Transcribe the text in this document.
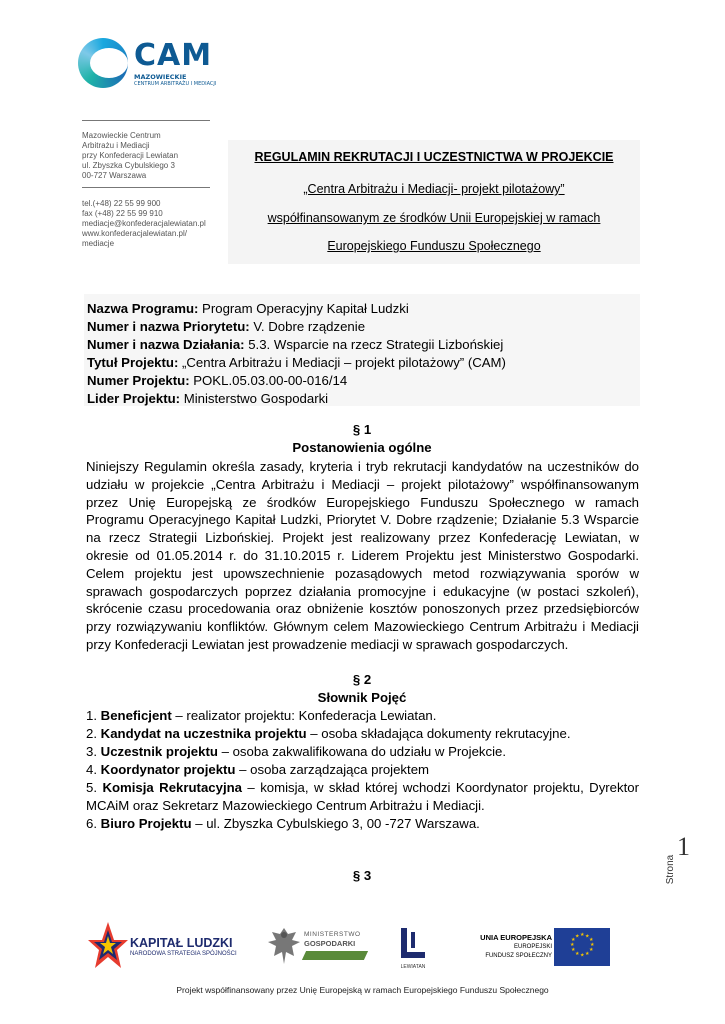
CAM
MAZOWIECKIE
CENTRUM ARBITRAŻU I MEDIACJI
Mazowieckie Centrum
Arbitrażu i Mediacji
przy Konfederacji Lewiatan
ul. Zbyszka Cybulskiego 3
00-727 Warszawa
tel.(+48) 22 55 99 900
fax (+48) 22 55 99 910
mediacje@konfederacjalewiatan.pl
www.konfederacjalewiatan.pl/
mediacje
REGULAMIN REKRUTACJI I UCZESTNICTWA W PROJEKCIE
„Centra Arbitrażu i Mediacji- projekt pilotażowy”
współfinansowanym ze środków Unii Europejskiej w ramach
Europejskiego Funduszu Społecznego
Nazwa Programu: Program Operacyjny Kapitał Ludzki
Numer i nazwa Priorytetu: V. Dobre rządzenie
Numer i nazwa Działania: 5.3. Wsparcie na rzecz Strategii Lizbońskiej
Tytuł Projektu: „Centra Arbitrażu i Mediacji – projekt pilotażowy” (CAM)
Numer Projektu: POKL.05.03.00-00-016/14
Lider Projektu: Ministerstwo Gospodarki
§ 1
Postanowienia ogólne
Niniejszy Regulamin określa zasady, kryteria i tryb rekrutacji kandydatów na uczestników do udziału w projekcie „Centra Arbitrażu i Mediacji – projekt pilotażowy” współfinansowanym przez Unię Europejską ze środków Europejskiego Funduszu Społecznego w ramach Programu Operacyjnego Kapitał Ludzki, Priorytet V. Dobre rządzenie; Działanie 5.3 Wsparcie na rzecz Strategii Lizbońskiej. Projekt jest realizowany przez Konfederację Lewiatan, w okresie od 01.05.2014 r. do 31.10.2015 r. Liderem Projektu jest Ministerstwo Gospodarki. Celem projektu jest upowszechnienie pozasądowych metod rozwiązywania sporów w sprawach gospodarczych poprzez działania promocyjne i edukacyjne (w postaci szkoleń), skrócenie czasu procedowania oraz obniżenie kosztów ponoszonych przez przedsiębiorców przy rozwiązywaniu konfliktów. Głównym celem Mazowieckiego Centrum Arbitrażu i Mediacji przy Konfederacji Lewiatan jest prowadzenie mediacji w sprawach gospodarczych.
§ 2
Słownik Pojęć
1. Beneficjent – realizator projektu: Konfederacja Lewiatan.
2. Kandydat na uczestnika projektu – osoba składająca dokumenty rekrutacyjne.
3. Uczestnik projektu – osoba zakwalifikowana do udziału w Projekcie.
4. Koordynator projektu – osoba zarządzająca projektem
5. Komisja Rekrutacyjna – komisja, w skład której wchodzi Koordynator projektu, Dyrektor MCAiM oraz Sekretarz Mazowieckiego Centrum Arbitrażu i Mediacji.
6. Biuro Projektu – ul. Zbyszka Cybulskiego 3, 00 -727 Warszawa.
§ 3	Strona
1
KAPITAŁ LUDZKI
NARODOWA STRATEGIA SPÓJNOŚCI
MINISTERSTWO
GOSPODARKI
LEWIATAN
UNIA EUROPEJSKA
EUROPEJSKI
FUNDUSZ SPOŁECZNY
★ ★
★
★
★
★
★
★
★
★
★
★
Projekt współfinansowany przez Unię Europejską w ramach Europejskiego Funduszu Społecznego
